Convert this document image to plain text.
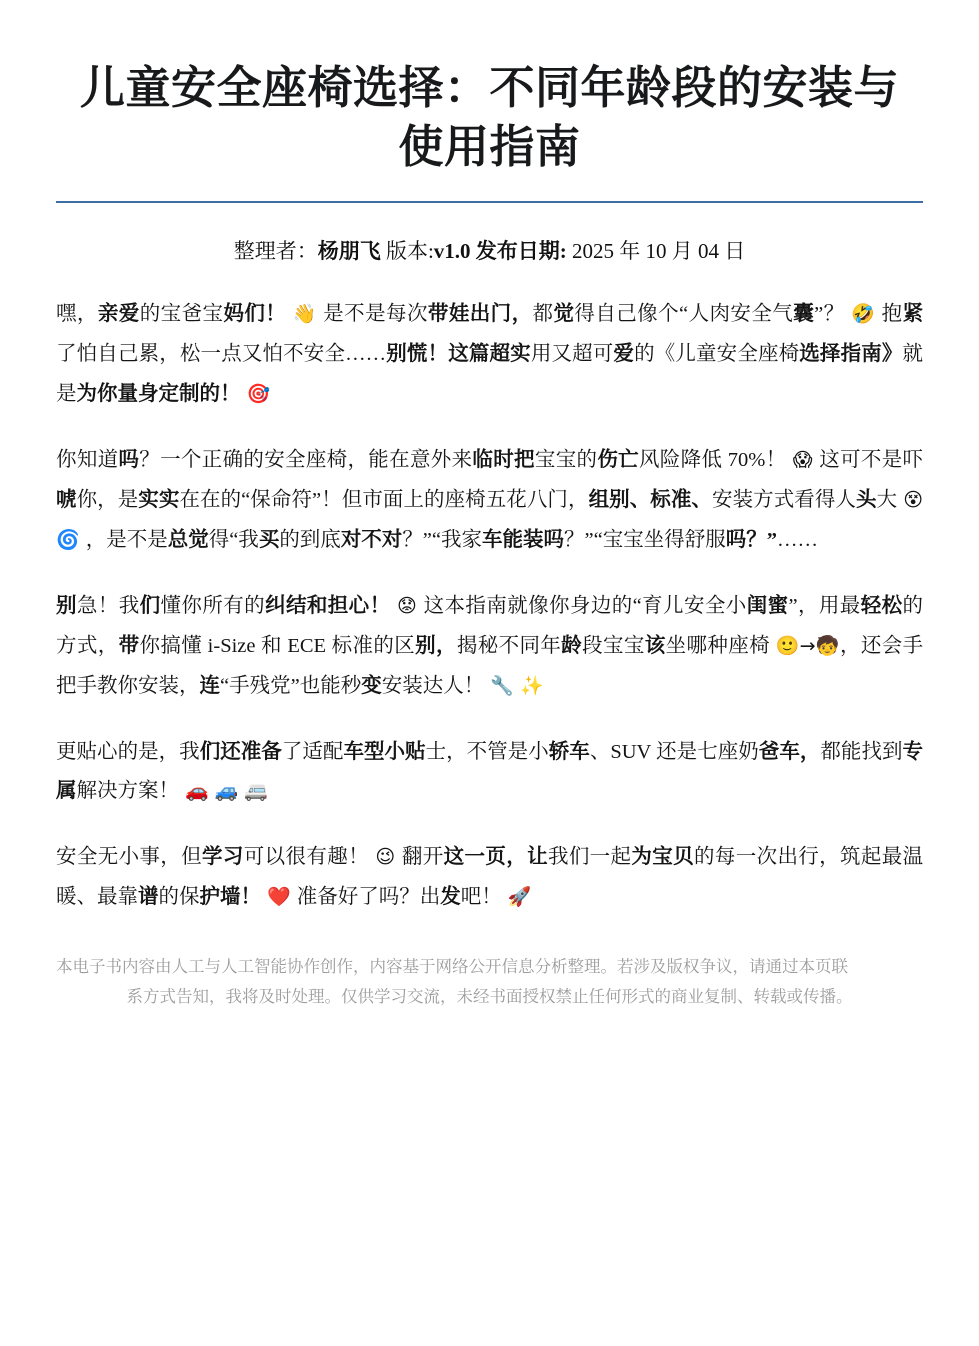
儿童安全座椅选择：不同年龄段的安装与使用指南
整理者：杨朋飞 版本:v1.0 发布日期: 2025 年 10 月 04 日

嘿，亲爱的宝爸宝妈们！ 👋 是不是每次带娃出门，都觉得自己像个“人肉安全气囊”？ 🤣 抱紧了怕自己累，松一点又怕不安全……别慌！这篇超实用又超可爱的《儿童安全座椅选择指南》就是为你量身定制的！ 🎯

你知道吗？一个正确的安全座椅，能在意外来临时把宝宝的伤亡风险降低 70%！ 😱 这可不是吓唬你，是实实在在的“保命符”！但市面上的座椅五花八门，组别、标准、安装方式看得人头大 😵 🌀 ，是不是总觉得“我买的到底对不对？”“我家车能装吗？”“宝宝坐得舒服吗？”……

别急！我们懂你所有的纠结和担心！ 😟 这本指南就像你身边的“育儿安全小闺蜜”，用最轻松的方式，带你搞懂 i-Size 和 ECE 标准的区别，揭秘不同年龄段宝宝该坐哪种座椅 🙂→🧒，还会手把手教你安装，连“手残党”也能秒变安装达人！ 🔧 ✨

更贴心的是，我们还准备了适配车型小贴士，不管是小轿车、SUV 还是七座奶爸车，都能找到专属解决方案！ 🚗 🚙 🚐

安全无小事，但学习可以很有趣！ 😉 翻开这一页，让我们一起为宝贝的每一次出行，筑起最温暖、最靠谱的保护墙！ ❤️ 准备好了吗？出发吧！ 🚀

本电子书内容由人工与人工智能协作创作，内容基于网络公开信息分析整理。若涉及版权争议，请通过本页联
系方式告知，我将及时处理。仅供学习交流，未经书面授权禁止任何形式的商业复制、转载或传播。
